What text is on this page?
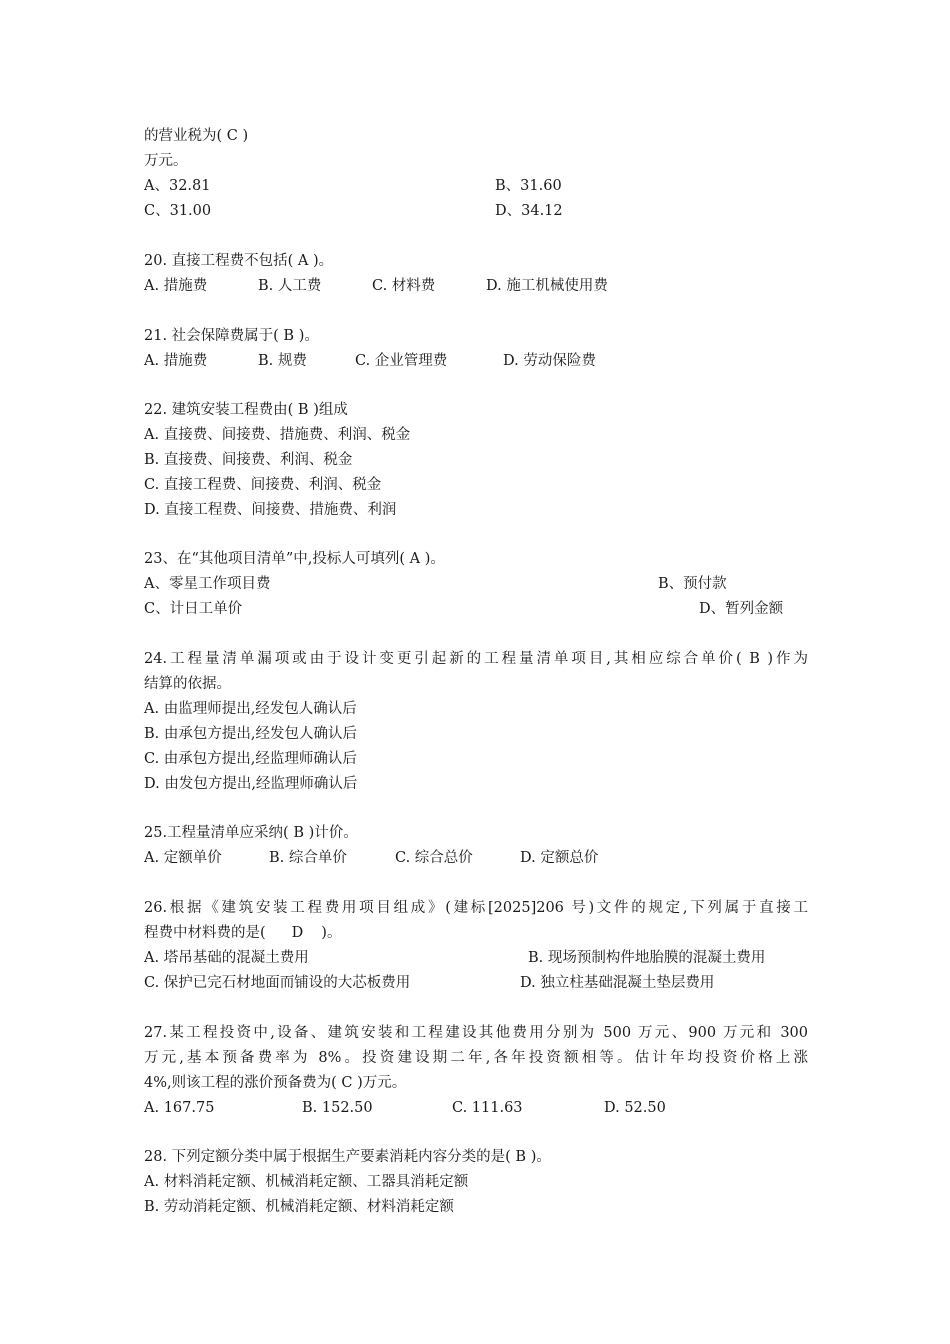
的营业税为( C )
万元。
A、32.81	B、31.60
C、31.00	D、34.12
20. 直接工程费不包括( A )。
A. 措施费	B. 人工费	C. 材料费	D. 施工机械使用费
21. 社会保障费属于( B )。
A. 措施费	B. 规费	C. 企业管理费	D. 劳动保险费
22. 建筑安装工程费由( B )组成
A. 直接费、间接费、措施费、利润、税金
B. 直接费、间接费、利润、税金
C. 直接工程费、间接费、利润、税金
D. 直接工程费、间接费、措施费、利润
23、在“其他项目清单”中,投标人可填列( A )。
A、零星工作项目费	B、预付款
C、计日工单价	D、暂列金额
24.工程量清单漏项或由于设计变更引起新的工程量清单项目,其相应综合单价( B )作为
结算的依据。
A. 由监理师提出,经发包人确认后
B. 由承包方提出,经发包人确认后
C. 由承包方提出,经监理师确认后
D. 由发包方提出,经监理师确认后
25.工程量清单应采纳( B )计价。
A. 定额单价	B. 综合单价	C. 综合总价	D. 定额总价
26.根据《建筑安装工程费用项目组成》(建标[2025]206 号)文件的规定,下列属于直接工
程费中材料费的是( D )。
A. 塔吊基础的混凝土费用	B. 现场预制构件地胎膜的混凝土费用
C. 保护已完石材地面而铺设的大芯板费用	D. 独立柱基础混凝土垫层费用
27.某工程投资中,设备、建筑安装和工程建设其他费用分别为 500 万元、900 万元和 300
万元,基本预备费率为 8%。投资建设期二年,各年投资额相等。估计年均投资价格上涨
4%,则该工程的涨价预备费为( C )万元。
A. 167.75	B. 152.50	C. 111.63	D. 52.50
28. 下列定额分类中属于根据生产要素消耗内容分类的是( B )。
A. 材料消耗定额、机械消耗定额、工器具消耗定额
B. 劳动消耗定额、机械消耗定额、材料消耗定额
